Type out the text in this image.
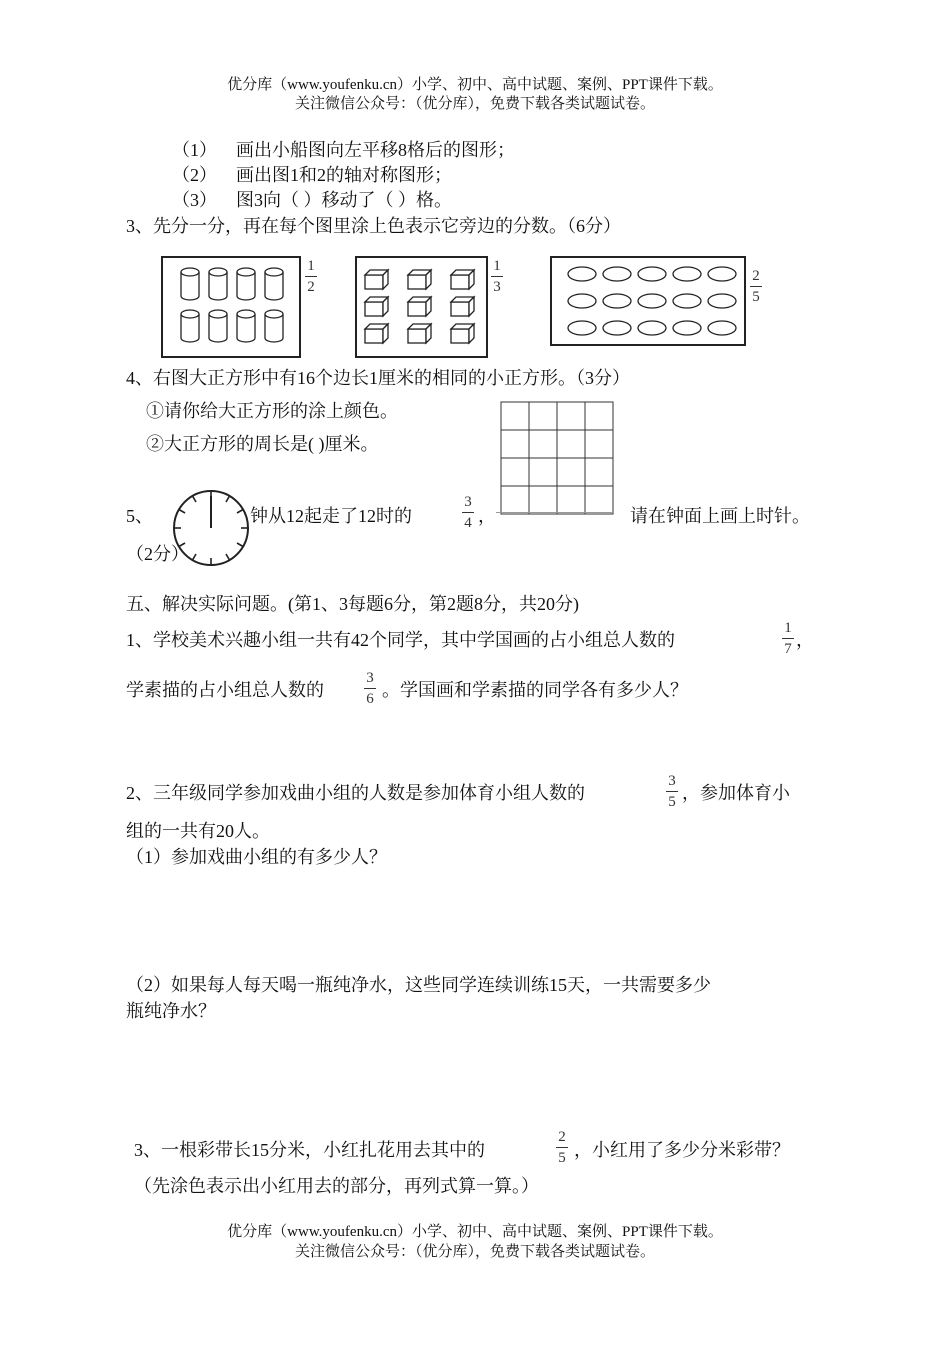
优分库（www.youfenku.cn）小学、初中、高中试题、案例、PPT课件下载。
关注微信公众号：（优分库），免费下载各类试题试卷。
（1） 画出小船图向左平移8格后的图形；
（2） 画出图1和2的轴对称图形；
（3） 图3向（ ）移动了（ ）格。
3、先分一分，再在每个图里涂上色表示它旁边的分数。（6分）
1
2
1
3
2
5
4、右图大正方形中有16个边长1厘米的相同的小正方形。（3分）
①请你给大正方形的涂上颜色。
②大正方形的周长是( )厘米。
5、	钟从12起走了12时的
3
4 ，	请在钟面上画上时针。
（2分）
五、解决实际问题。(第1、3每题6分，第2题8分，共20分)
1、学校美术兴趣小组一共有42个同学，其中学国画的占小组总人数的
1
7 ，
学素描的占小组总人数的
3
6 。学国画和学素描的同学各有多少人？
2、三年级同学参加戏曲小组的人数是参加体育小组人数的
3
5 ，参加体育小
组的一共有20人。
（1）参加戏曲小组的有多少人？
（2）如果每人每天喝一瓶纯净水，这些同学连续训练15天，一共需要多少
瓶纯净水？
3、一根彩带长15分米，小红扎花用去其中的
2
5 ，小红用了多少分米彩带？
（先涂色表示出小红用去的部分，再列式算一算。）
优分库（www.youfenku.cn）小学、初中、高中试题、案例、PPT课件下载。
关注微信公众号：（优分库），免费下载各类试题试卷。
